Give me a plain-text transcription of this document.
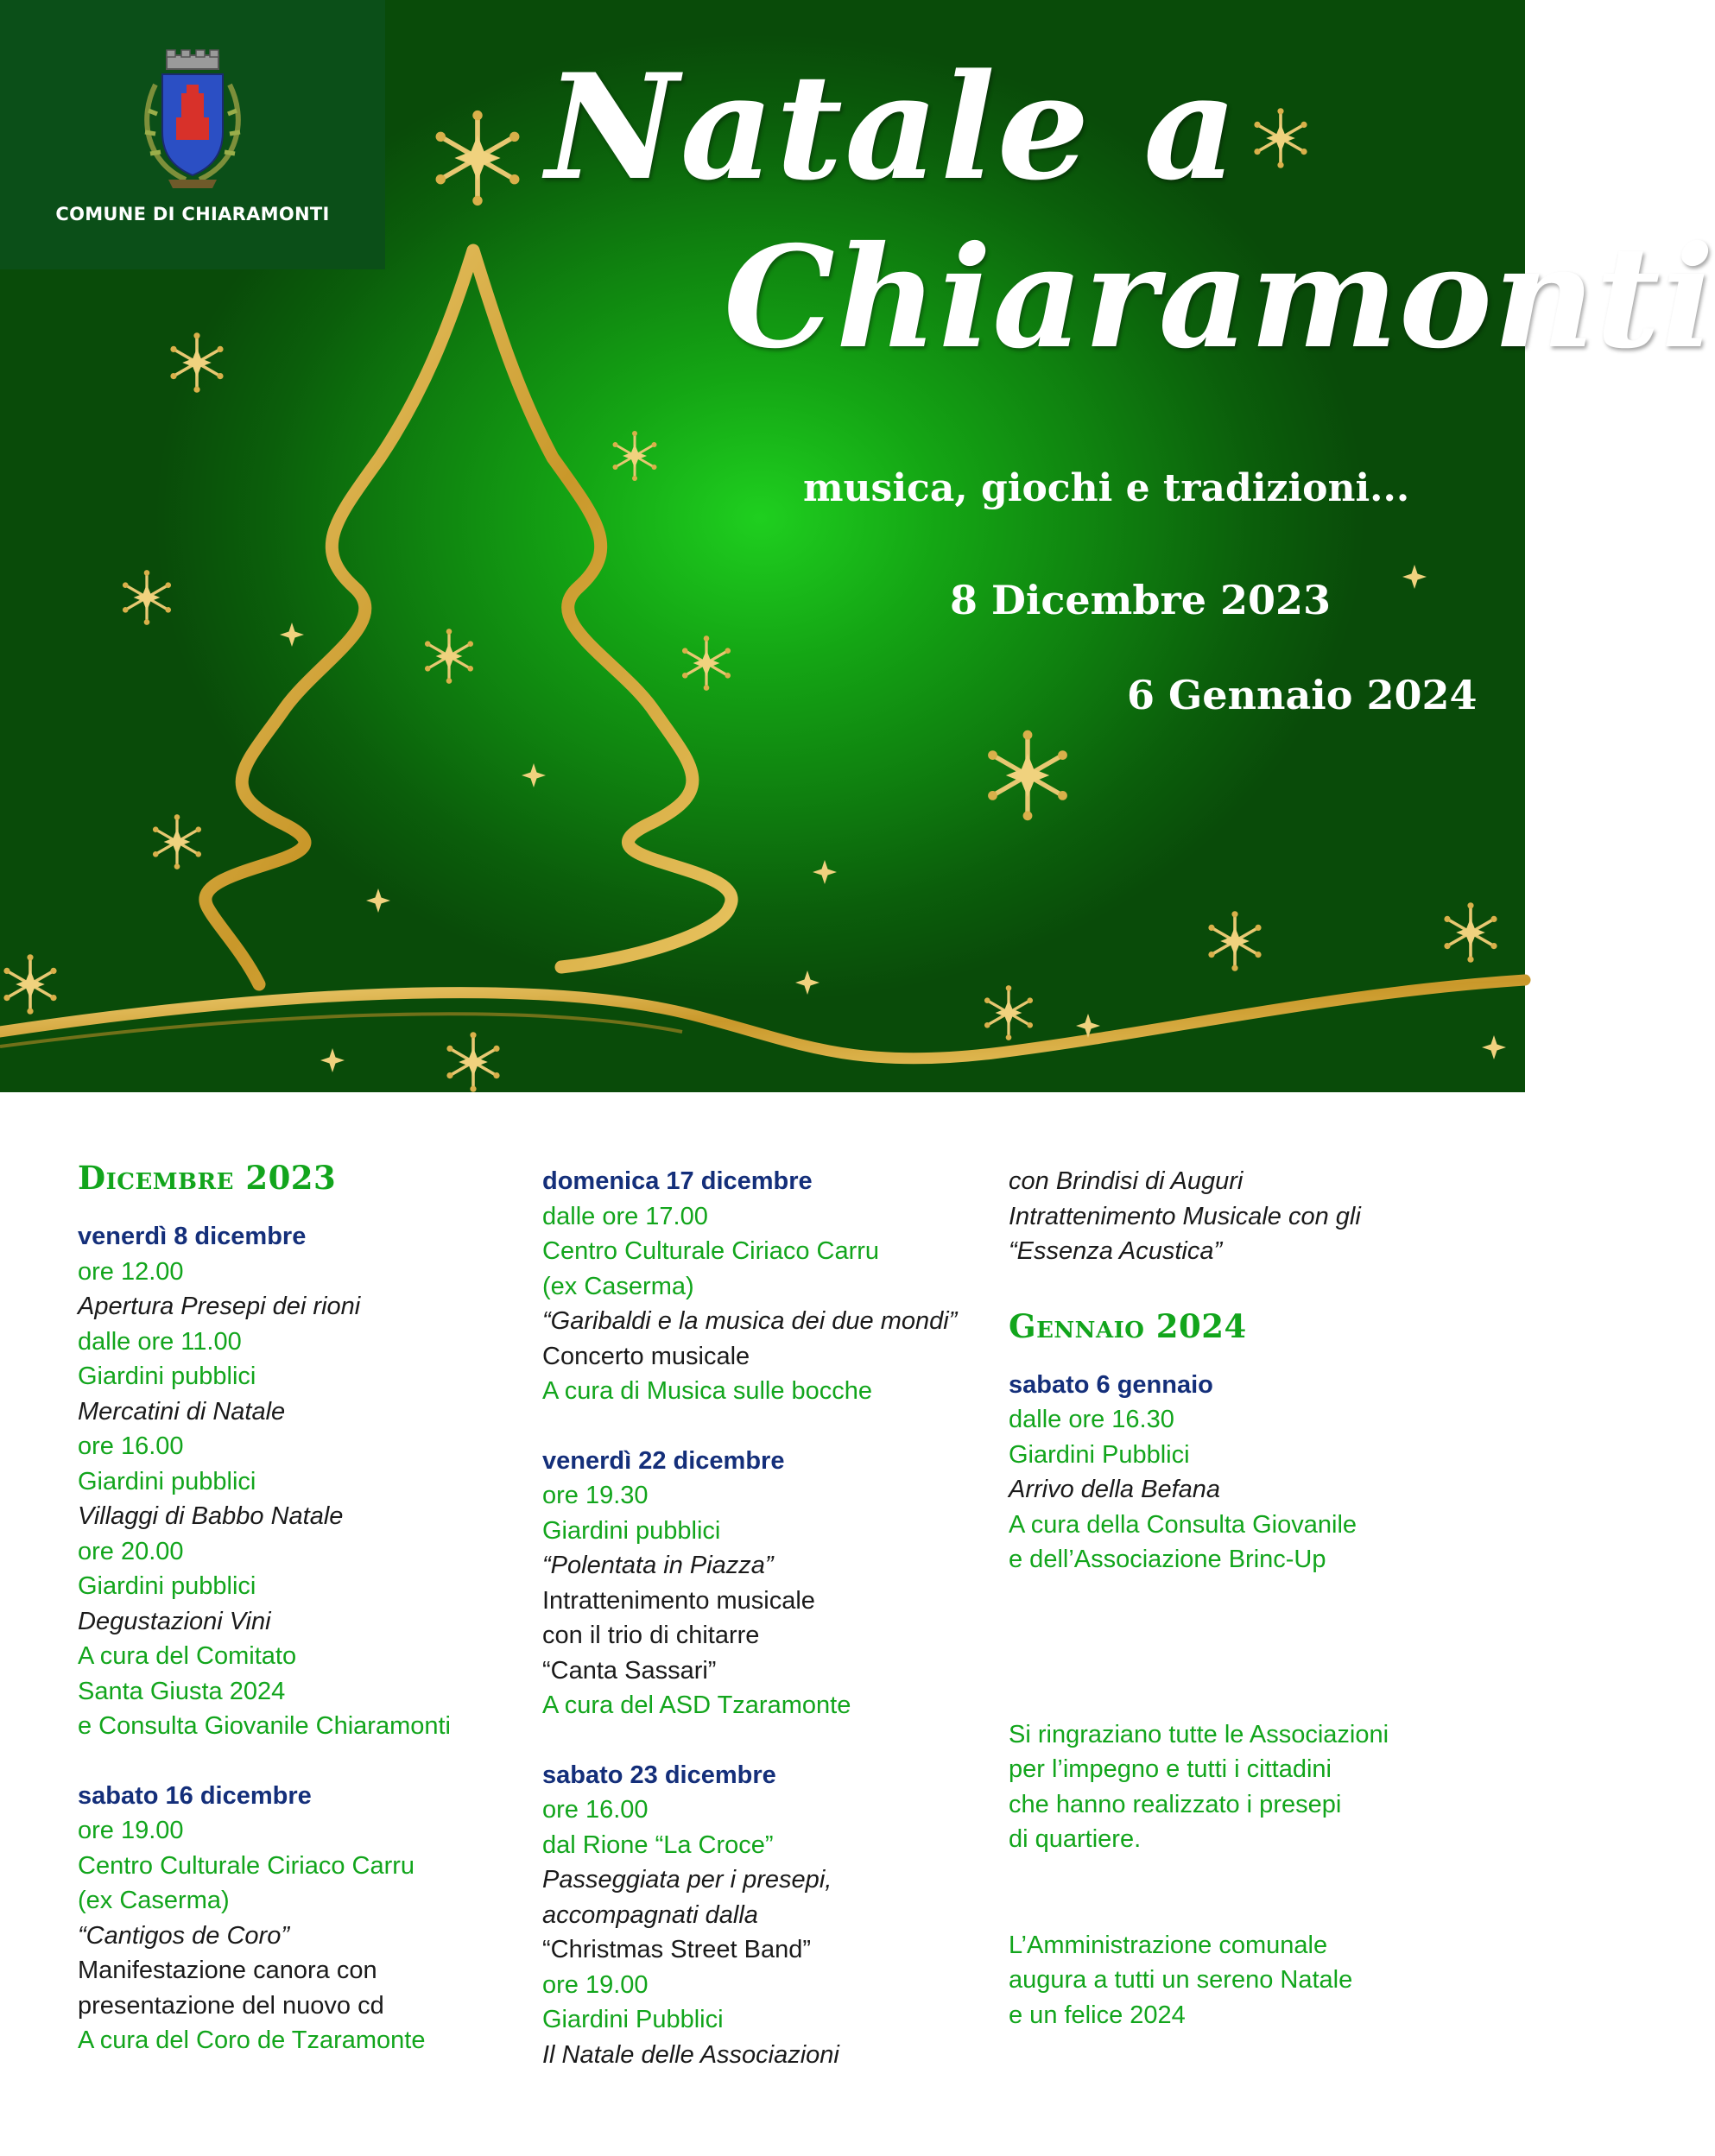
COMUNE DI CHIARAMONTI
Natale a
Chiaramonti
musica, giochi e tradizioni...
8 Dicembre 2023
6 Gennaio 2024
Dicembre 2023
venerdì 8 dicembre
ore 12.00
Apertura Presepi dei rioni
dalle ore 11.00
Giardini pubblici
Mercatini di Natale
ore 16.00
Giardini pubblici
Villaggi di Babbo Natale
ore 20.00
Giardini pubblici
Degustazioni Vini
A cura del Comitato
Santa Giusta 2024
e Consulta Giovanile Chiaramonti
sabato 16 dicembre
ore 19.00
Centro Culturale Ciriaco Carru
(ex Caserma)
“Cantigos de Coro”
Manifestazione canora con
presentazione del nuovo cd
A cura del Coro de Tzaramonte
domenica 17 dicembre
dalle ore 17.00
Centro Culturale Ciriaco Carru
(ex Caserma)
“Garibaldi e la musica dei due mondi”
Concerto musicale
A cura di Musica sulle bocche
venerdì 22 dicembre
ore 19.30
Giardini pubblici
“Polentata in Piazza”
Intrattenimento musicale
con il trio di chitarre
“Canta Sassari”
A cura del ASD Tzaramonte
sabato 23 dicembre
ore 16.00
dal Rione “La Croce”
Passeggiata per i presepi,
accompagnati dalla
“Christmas Street Band”
ore 19.00
Giardini Pubblici
Il Natale delle Associazioni
con Brindisi di Auguri
Intrattenimento Musicale con gli
“Essenza Acustica”
Gennaio 2024
sabato 6 gennaio
dalle ore 16.30
Giardini Pubblici
Arrivo della Befana
A cura della Consulta Giovanile
e dell’Associazione Brinc-Up
Si ringraziano tutte le Associazioni
per l’impegno e tutti i cittadini
che hanno realizzato i presepi
di quartiere.
L’Amministrazione comunale
augura a tutti un sereno Natale
e un felice 2024
